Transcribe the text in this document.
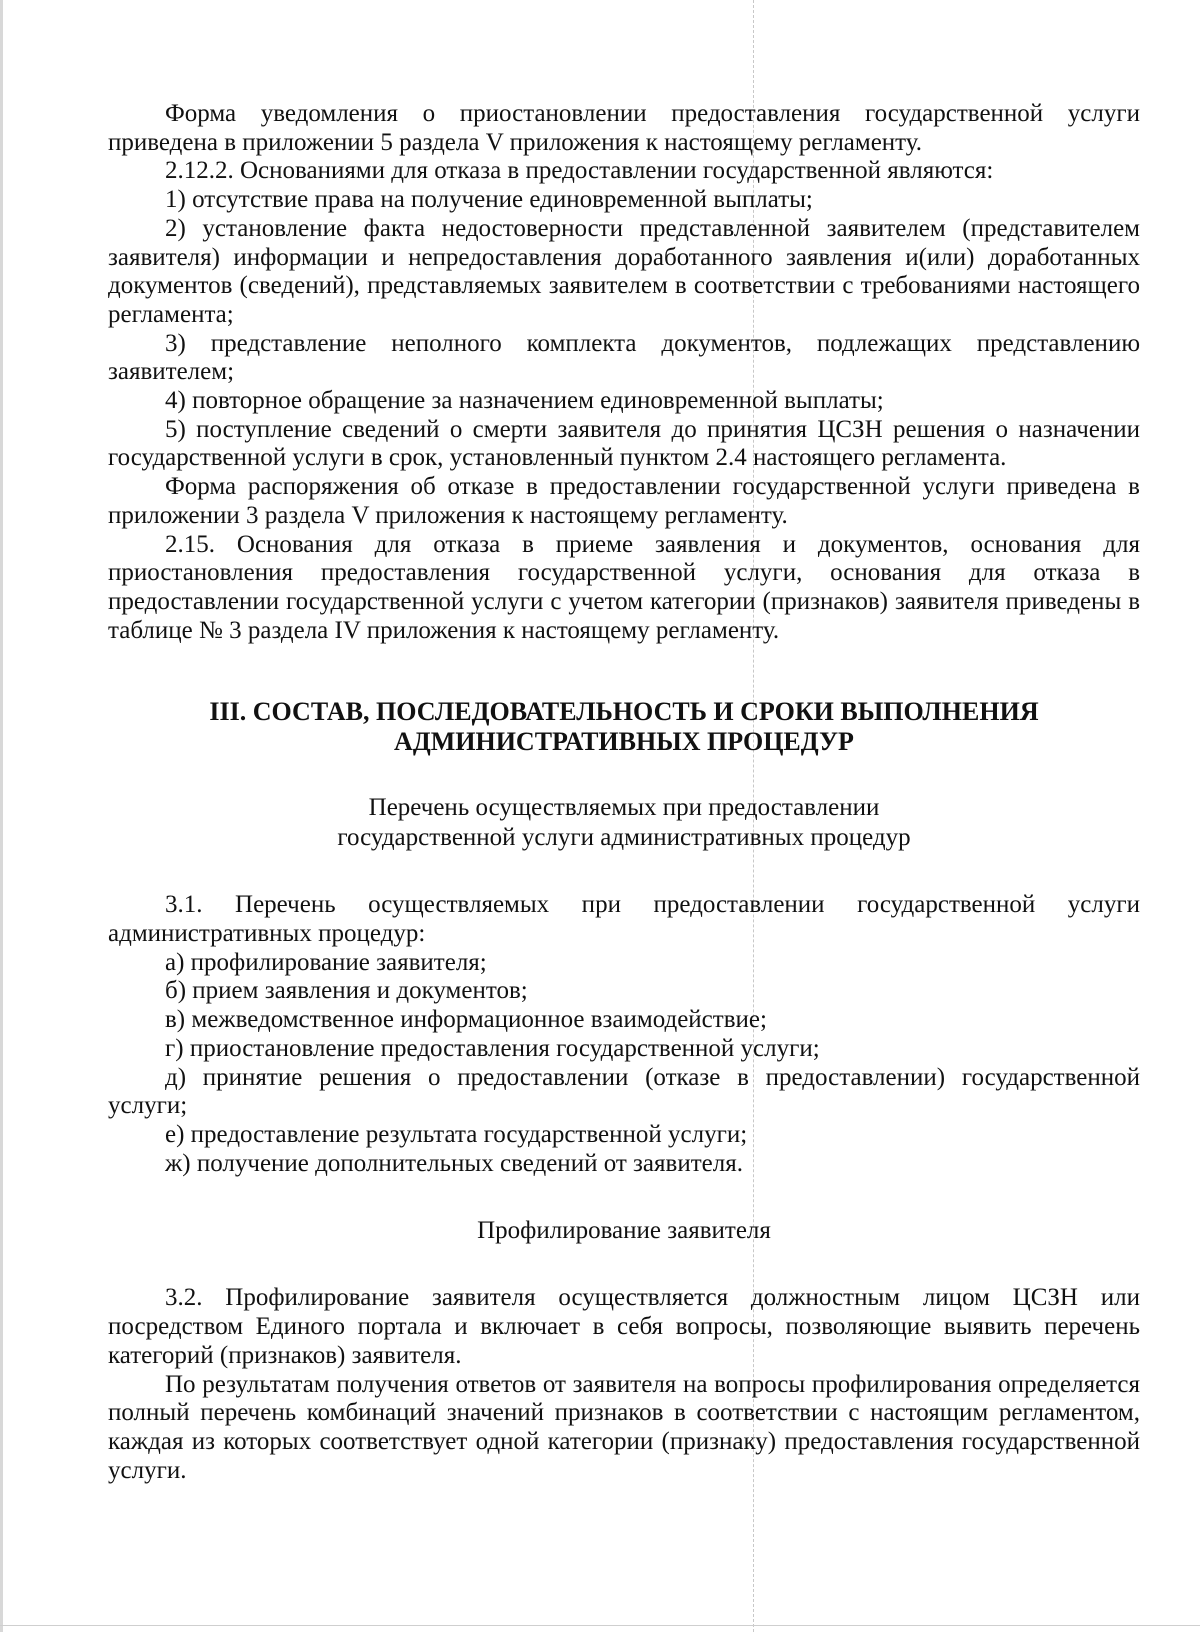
Форма уведомления о приостановлении предоставления государственной услуги приведена в приложении 5 раздела V приложения к настоящему регламенту.

2.12.2. Основаниями для отказа в предоставлении государственной являются:

1) отсутствие права на получение единовременной выплаты;

2) установление факта недостоверности представленной заявителем (представителем заявителя) информации и непредоставления доработанного заявления и(или) доработанных документов (сведений), представляемых заявителем в соответствии с требованиями настоящего регламента;

3) представление неполного комплекта документов, подлежащих представлению заявителем;

4) повторное обращение за назначением единовременной выплаты;

5) поступление сведений о смерти заявителя до принятия ЦСЗН решения о назначении государственной услуги в срок, установленный пунктом 2.4 настоящего регламента.

Форма распоряжения об отказе в предоставлении государственной услуги приведена в приложении 3 раздела V приложения к настоящему регламенту.

2.15. Основания для отказа в приеме заявления и документов, основания для приостановления предоставления государственной услуги, основания для отказа в предоставлении государственной услуги с учетом категории (признаков) заявителя приведены в таблице № 3 раздела IV приложения к настоящему регламенту.

III. СОСТАВ, ПОСЛЕДОВАТЕЛЬНОСТЬ И СРОКИ ВЫПОЛНЕНИЯ
АДМИНИСТРАТИВНЫХ ПРОЦЕДУР

Перечень осуществляемых при предоставлении
государственной услуги административных процедур

3.1. Перечень осуществляемых при предоставлении государственной услуги административных процедур:

а) профилирование заявителя;

б) прием заявления и документов;

в) межведомственное информационное взаимодействие;

г) приостановление предоставления государственной услуги;

д) принятие решения о предоставлении (отказе в предоставлении) государственной услуги;

е) предоставление результата государственной услуги;

ж) получение дополнительных сведений от заявителя.

Профилирование заявителя

3.2. Профилирование заявителя осуществляется должностным лицом ЦСЗН или посредством Единого портала и включает в себя вопросы, позволяющие выявить перечень категорий (признаков) заявителя.

По результатам получения ответов от заявителя на вопросы профилирования определяется полный перечень комбинаций значений признаков в соответствии с настоящим регламентом, каждая из которых соответствует одной категории (признаку) предоставления государственной услуги.
